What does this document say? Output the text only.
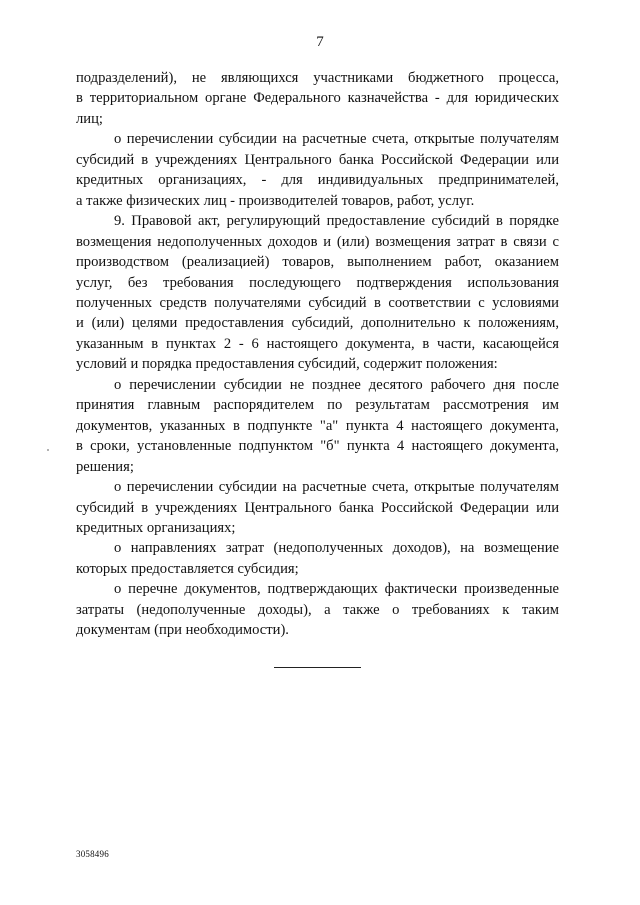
7

подразделений), не являющихся участниками бюджетного процесса,
в территориальном органе Федерального казначейства - для юридических
лиц;

о перечислении субсидии на расчетные счета, открытые получателям
субсидий в учреждениях Центрального банка Российской Федерации или
кредитных организациях, - для индивидуальных предпринимателей,
а также физических лиц - производителей товаров, работ, услуг.

9. Правовой акт, регулирующий предоставление субсидий в порядке
возмещения недополученных доходов и (или) возмещения затрат в связи с
производством (реализацией) товаров, выполнением работ, оказанием
услуг, без требования последующего подтверждения использования
полученных средств получателями субсидий в соответствии с условиями
и (или) целями предоставления субсидий, дополнительно к положениям,
указанным в пунктах 2 - 6 настоящего документа, в части, касающейся
условий и порядка предоставления субсидий, содержит положения:

о перечислении субсидии не позднее десятого рабочего дня после
принятия главным распорядителем по результатам рассмотрения им
документов, указанных в подпункте "а" пункта 4 настоящего документа,
в сроки, установленные подпунктом "б" пункта 4 настоящего документа,
решения;

о перечислении субсидии на расчетные счета, открытые получателям
субсидий в учреждениях Центрального банка Российской Федерации или
кредитных организациях;

о направлениях затрат (недополученных доходов), на возмещение
которых предоставляется субсидия;

о перечне документов, подтверждающих фактически произведенные
затраты (недополученные доходы), а также о требованиях к таким
документам (при необходимости).

3058496
